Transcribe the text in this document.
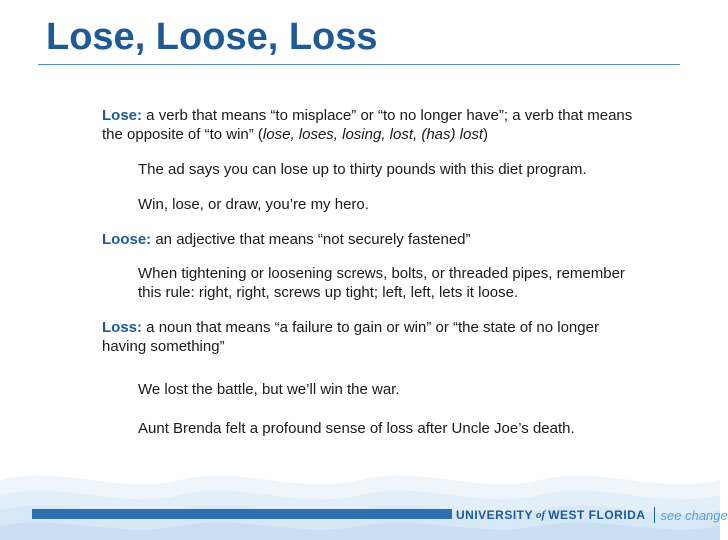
Lose, Loose, Loss

Lose: a verb that means “to misplace” or “to no longer have”; a verb that means the opposite of “to win” (lose, loses, losing, lost, (has) lost)

The ad says you can lose up to thirty pounds with this diet program.

Win, lose, or draw, you’re my hero.

Loose: an adjective that means “not securely fastened”

When tightening or loosening screws, bolts, or threaded pipes, remember this rule: right, right, screws up tight; left, left, lets it loose.

Loss: a noun that means “a failure to gain or win” or “the state of no longer having something”

We lost the battle, but we’ll win the war.

Aunt Brenda felt a profound sense of loss after Uncle Joe’s death.

UNIVERSITY of WEST FLORIDA see change
